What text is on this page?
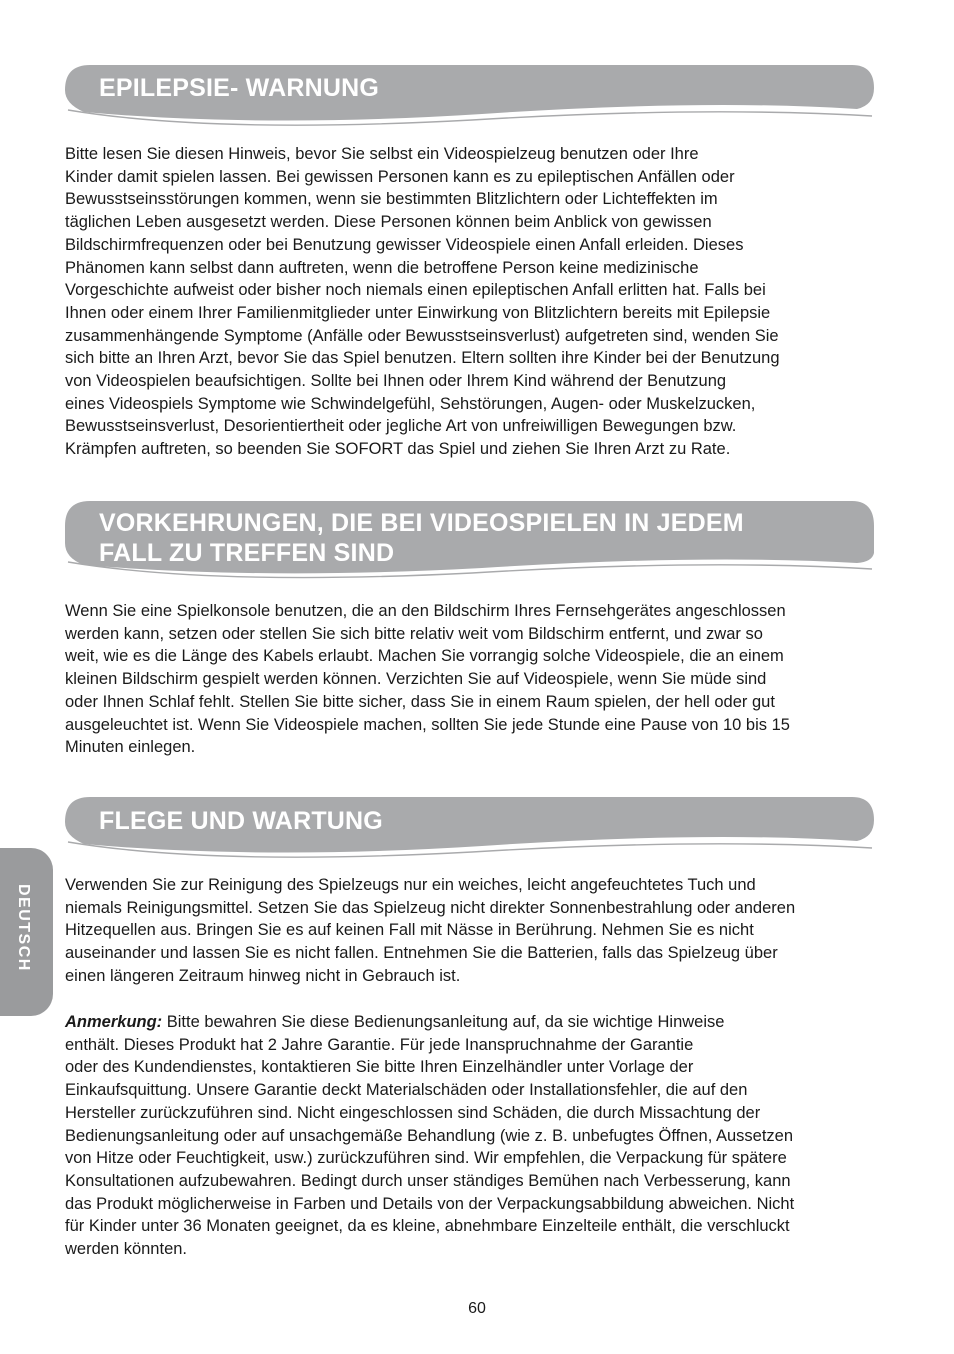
EPILEPSIE- WARNUNG
Bitte lesen Sie diesen Hinweis, bevor Sie selbst ein Videospielzeug benutzen oder Ihre
Kinder damit spielen lassen. Bei gewissen Personen kann es zu epileptischen Anfällen oder
Bewusstseinsstörungen kommen, wenn sie bestimmten Blitzlichtern oder Lichteffekten im
täglichen Leben ausgesetzt werden. Diese Personen können beim Anblick von gewissen
Bildschirmfrequenzen oder bei Benutzung gewisser Videospiele einen Anfall erleiden. Dieses
Phänomen kann selbst dann auftreten, wenn die betroffene Person keine medizinische
Vorgeschichte aufweist oder bisher noch niemals einen epileptischen Anfall erlitten hat. Falls bei
Ihnen oder einem Ihrer Familienmitglieder unter Einwirkung von Blitzlichtern bereits mit Epilepsie
zusammenhängende Symptome (Anfälle oder Bewusstseinsverlust) aufgetreten sind, wenden Sie
sich bitte an Ihren Arzt, bevor Sie das Spiel benutzen. Eltern sollten ihre Kinder bei der Benutzung
von Videospielen beaufsichtigen. Sollte bei Ihnen oder Ihrem Kind während der Benutzung
eines Videospiels Symptome wie Schwindelgefühl, Sehstörungen, Augen- oder Muskelzucken,
Bewusstseinsverlust, Desorientiertheit oder jegliche Art von unfreiwilligen Bewegungen bzw.
Krämpfen auftreten, so beenden Sie SOFORT das Spiel und ziehen Sie Ihren Arzt zu Rate.
VORKEHRUNGEN, DIE BEI VIDEOSPIELEN IN JEDEM
FALL ZU TREFFEN SIND
Wenn Sie eine Spielkonsole benutzen, die an den Bildschirm Ihres Fernsehgerätes angeschlossen
werden kann, setzen oder stellen Sie sich bitte relativ weit vom Bildschirm entfernt, und zwar so
weit, wie es die Länge des Kabels erlaubt. Machen Sie vorrangig solche Videospiele, die an einem
kleinen Bildschirm gespielt werden können. Verzichten Sie auf Videospiele, wenn Sie müde sind
oder Ihnen Schlaf fehlt. Stellen Sie bitte sicher, dass Sie in einem Raum spielen, der hell oder gut
ausgeleuchtet ist. Wenn Sie Videospiele machen, sollten Sie jede Stunde eine Pause von 10 bis 15
Minuten einlegen.
FLEGE UND WARTUNG
Verwenden Sie zur Reinigung des Spielzeugs nur ein weiches, leicht angefeuchtetes Tuch und
niemals Reinigungsmittel. Setzen Sie das Spielzeug nicht direkter Sonnenbestrahlung oder anderen
Hitzequellen aus. Bringen Sie es auf keinen Fall mit Nässe in Berührung. Nehmen Sie es nicht
auseinander und lassen Sie es nicht fallen. Entnehmen Sie die Batterien, falls das Spielzeug über
einen längeren Zeitraum hinweg nicht in Gebrauch ist.
Anmerkung: Bitte bewahren Sie diese Bedienungsanleitung auf, da sie wichtige Hinweise
enthält. Dieses Produkt hat 2 Jahre Garantie. Für jede Inanspruchnahme der Garantie
oder des Kundendienstes, kontaktieren Sie bitte Ihren Einzelhändler unter Vorlage der
Einkaufsquittung. Unsere Garantie deckt Materialschäden oder Installationsfehler, die auf den
Hersteller zurückzuführen sind. Nicht eingeschlossen sind Schäden, die durch Missachtung der
Bedienungsanleitung oder auf unsachgemäße Behandlung (wie z. B. unbefugtes Öffnen, Aussetzen
von Hitze oder Feuchtigkeit, usw.) zurückzuführen sind. Wir empfehlen, die Verpackung für spätere
Konsultationen aufzubewahren. Bedingt durch unser ständiges Bemühen nach Verbesserung, kann
das Produkt möglicherweise in Farben und Details von der Verpackungsabbildung abweichen. Nicht
für Kinder unter 36 Monaten geeignet, da es kleine, abnehmbare Einzelteile enthält, die verschluckt
werden könnten.
DEUTSCH
60
